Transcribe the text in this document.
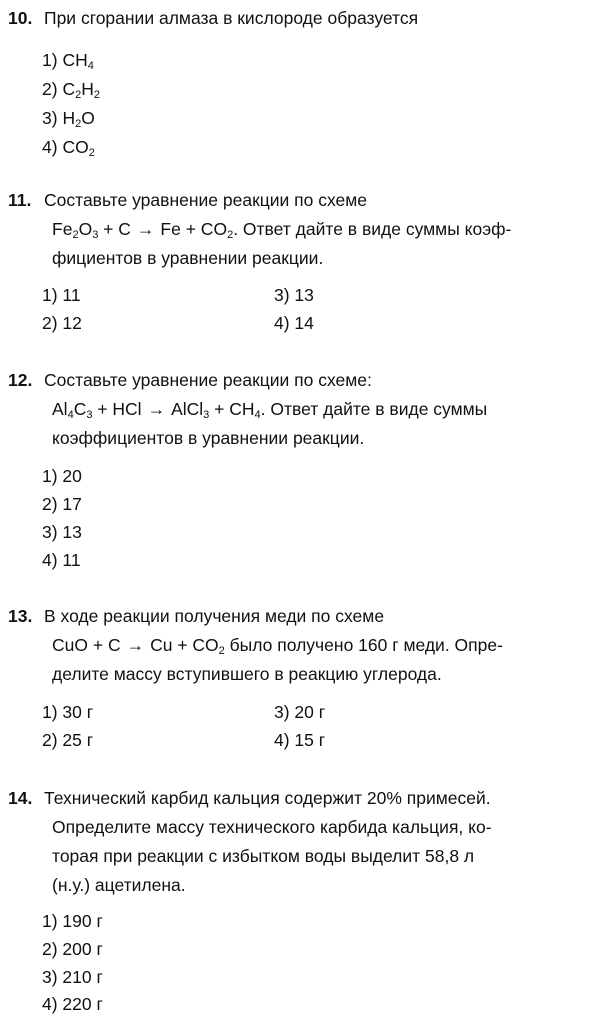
10. При сгорании алмаза в кислороде образуется
1) $CH_4$
2) $C_2H_2$
3) $H_2O$
4) $CO_2$
11. Составьте уравнение реакции по схеме
$Fe_2O_3 + C \to Fe + CO_2$. Ответ дайте в виде суммы коэф-
фициентов в уравнении реакции.
1) 11
2) 12
3) 13
4) 14
12. Составьте уравнение реакции по схеме:
$Al_4C_3$ + HCl → AlCl$_3$ + $CH_4$. Ответ дайте в виде суммы
коэффициентов в уравнении реакции.
1) 20
2) 17
3) 13
4) 11
13. В ходе реакции получения меди по схеме
CuO + $C \to Cu + CO_2$ было получено 160 г меди. Опре-
делите массу вступившего в реакцию углерода.
1) 30 г
2) 25 г
3) 20 г
4) 15 г
14. Технический карбид кальция содержит 20% примесей.
Определите массу технического карбида кальция, ко-
торая при реакции с избытком воды выделит 58,8 л
(н.у.) ацетилена.
1) 190 г
2) 200 г
3) 210 г
4) 220 г
